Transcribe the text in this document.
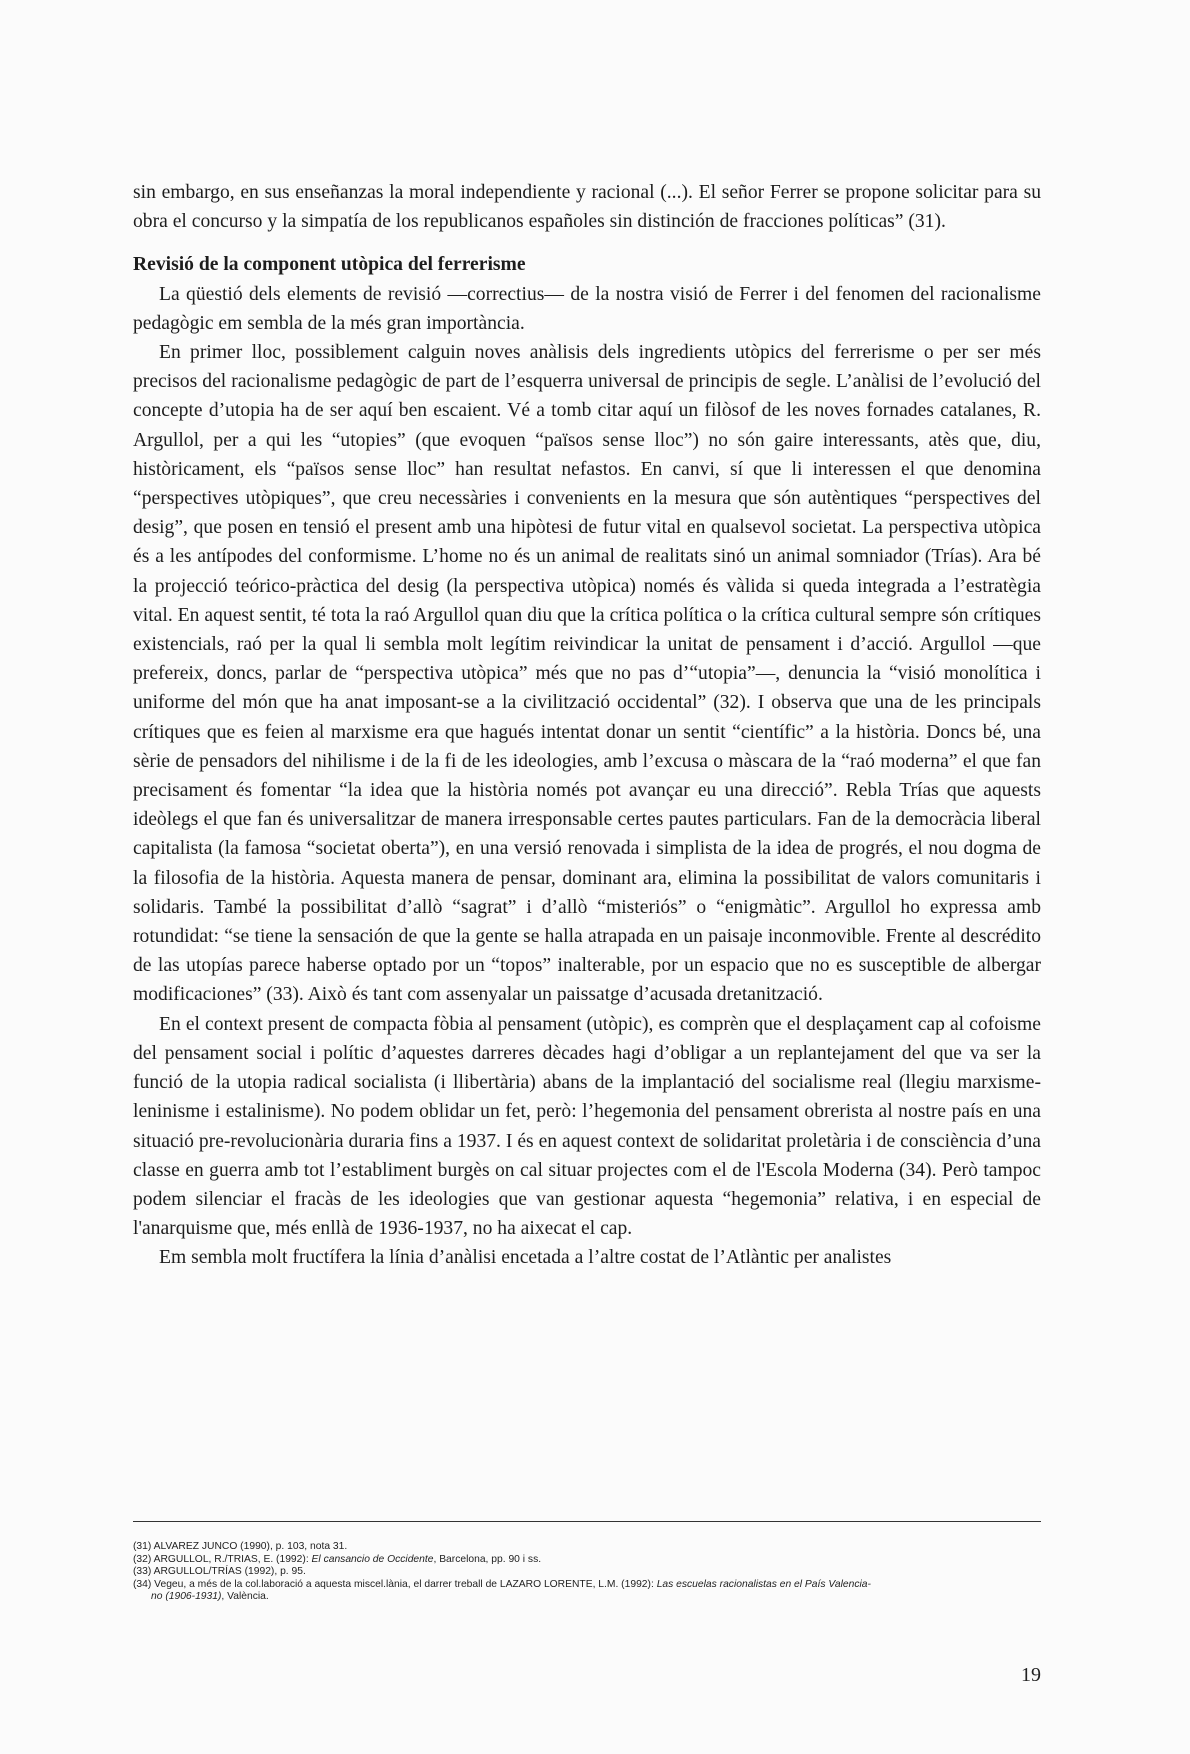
sin embargo, en sus enseñanzas la moral independiente y racional (...). El señor Ferrer se propone solicitar para su obra el concurso y la simpatía de los republicanos españoles sin distinción de fracciones políticas” (31).

Revisió de la component utòpica del ferrerisme

La qüestió dels elements de revisió —correctius— de la nostra visió de Ferrer i del fenomen del racionalisme pedagògic em sembla de la més gran importància.

En primer lloc, possiblement calguin noves anàlisis dels ingredients utòpics del ferrerisme o per ser més precisos del racionalisme pedagògic de part de l’esquerra universal de principis de segle. L’anàlisi de l’evolució del concepte d’utopia ha de ser aquí ben escaient. Vé a tomb citar aquí un filòsof de les noves fornades catalanes, R. Argullol, per a qui les “utopies” (que evoquen “països sense lloc”) no són gaire interessants, atès que, diu, històricament, els “països sense lloc” han resultat nefastos. En canvi, sí que li interessen el que denomina “perspectives utòpiques”, que creu necessàries i convenients en la mesura que són autèntiques “perspectives del desig”, que posen en tensió el present amb una hipòtesi de futur vital en qualsevol societat. La perspectiva utòpica és a les antípodes del conformisme. L’home no és un animal de realitats sinó un animal somniador (Trías). Ara bé la projecció teórico-pràctica del desig (la perspectiva utòpica) només és vàlida si queda integrada a l’estratègia vital. En aquest sentit, té tota la raó Argullol quan diu que la crítica política o la crítica cultural sempre són crítiques existencials, raó per la qual li sembla molt legítim reivindicar la unitat de pensament i d’acció. Argullol —que prefereix, doncs, parlar de “perspectiva utòpica” més que no pas d’“utopia”—, denuncia la “visió monolítica i uniforme del món que ha anat imposant-se a la civilització occidental” (32). I observa que una de les principals crítiques que es feien al marxisme era que hagués intentat donar un sentit “científic” a la història. Doncs bé, una sèrie de pensadors del nihilisme i de la fi de les ideologies, amb l’excusa o màscara de la “raó moderna” el que fan precisament és fomentar “la idea que la història només pot avançar eu una direcció”. Rebla Trías que aquests ideòlegs el que fan és universalitzar de manera irresponsable certes pautes particulars. Fan de la democràcia liberal capitalista (la famosa “societat oberta”), en una versió renovada i simplista de la idea de progrés, el nou dogma de la filosofia de la història. Aquesta manera de pensar, dominant ara, elimina la possibilitat de valors comunitaris i solidaris. També la possibilitat d’allò “sagrat” i d’allò “misteriós” o “enigmàtic”. Argullol ho expressa amb rotundidat: “se tiene la sensación de que la gente se halla atrapada en un paisaje inconmovible. Frente al descrédito de las utopías parece haberse optado por un “topos” inalterable, por un espacio que no es susceptible de albergar modificaciones” (33). Això és tant com assenyalar un paissatge d’acusada dretanització.

En el context present de compacta fòbia al pensament (utòpic), es comprèn que el desplaçament cap al cofoisme del pensament social i polític d’aquestes darreres dècades hagi d’obligar a un replantejament del que va ser la funció de la utopia radical socialista (i llibertària) abans de la implantació del socialisme real (llegiu marxisme-leninisme i estalinisme). No podem oblidar un fet, però: l’hegemonia del pensament obrerista al nostre país en una situació pre-revolucionària duraria fins a 1937. I és en aquest context de solidaritat proletària i de consciència d’una classe en guerra amb tot l’establiment burgès on cal situar projectes com el de l'Escola Moderna (34). Però tampoc podem silenciar el fracàs de les ideologies que van gestionar aquesta “hegemonia” relativa, i en especial de l'anarquisme que, més enllà de 1936-1937, no ha aixecat el cap.

Em sembla molt fructífera la línia d’anàlisi encetada a l’altre costat de l’Atlàntic per analistes

(31) ALVAREZ JUNCO (1990), p. 103, nota 31.

(32) ARGULLOL, R./TRIAS, E. (1992): El cansancio de Occidente, Barcelona, pp. 90 i ss.

(33) ARGULLOL/TRÍAS (1992), p. 95.

(34) Vegeu, a més de la col.laboració a aquesta miscel.lània, el darrer treball de LAZARO LORENTE, L.M. (1992): Las escuelas racionalistas en el País Valencia-

no (1906-1931), València.

19
